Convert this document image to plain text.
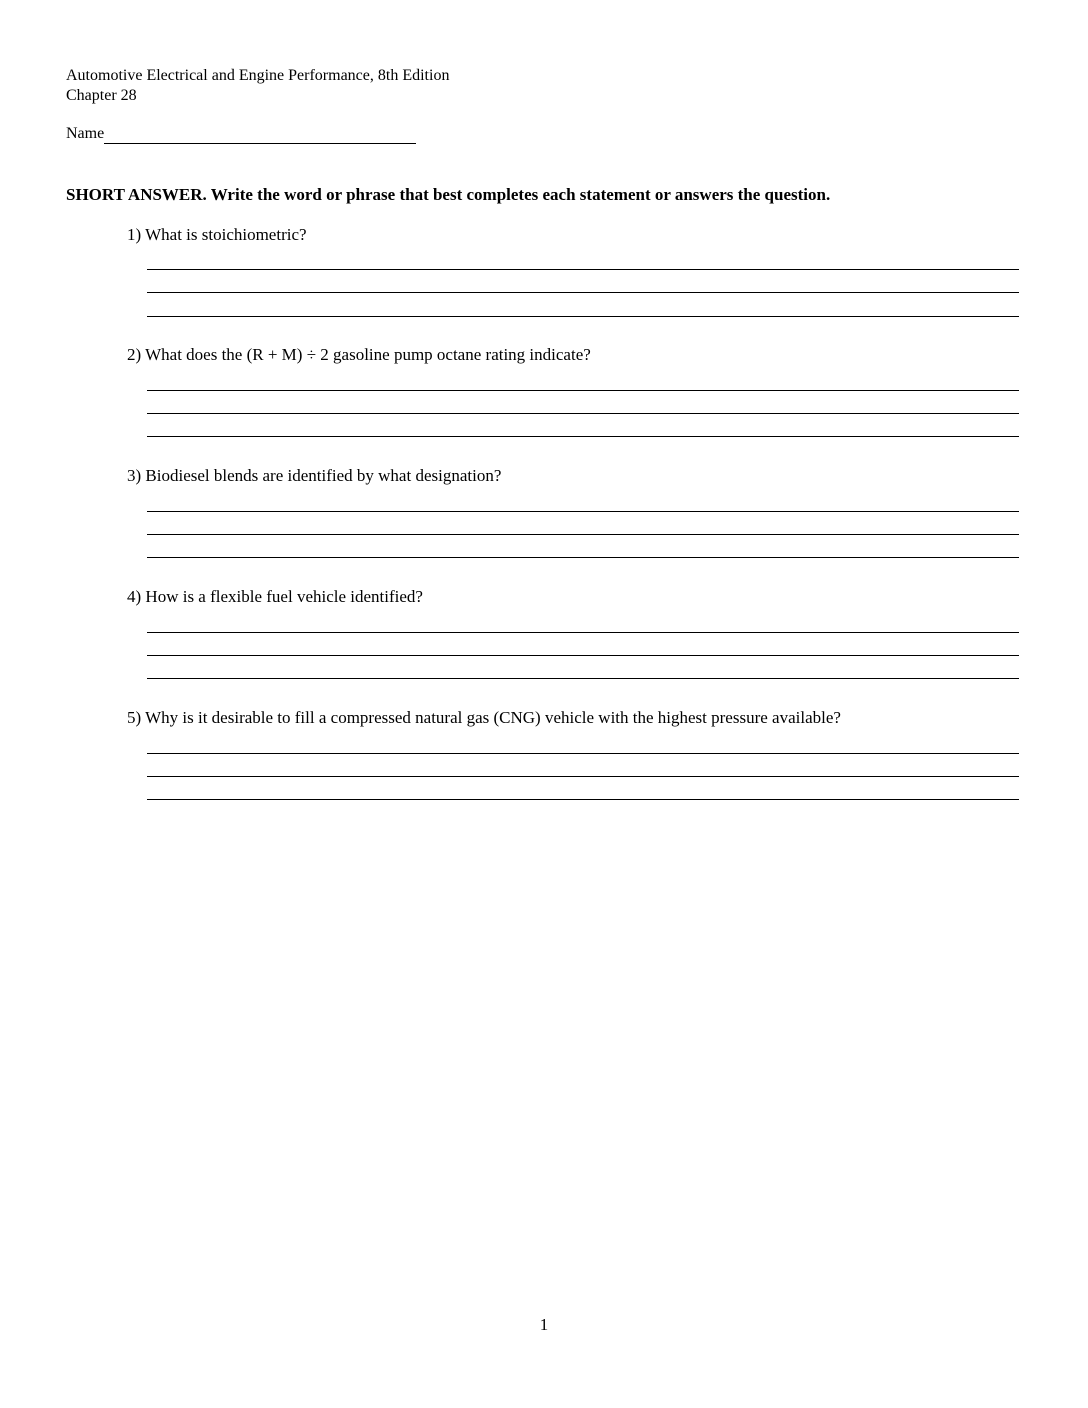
Automotive Electrical and Engine Performance, 8th Edition
Chapter 28
Name
SHORT ANSWER. Write the word or phrase that best completes each statement or answers the question.
1) What is stoichiometric?
2) What does the (R + M) ÷ 2 gasoline pump octane rating indicate?
3) Biodiesel blends are identified by what designation?
4) How is a flexible fuel vehicle identified?
5) Why is it desirable to fill a compressed natural gas (CNG) vehicle with the highest pressure available?
1
